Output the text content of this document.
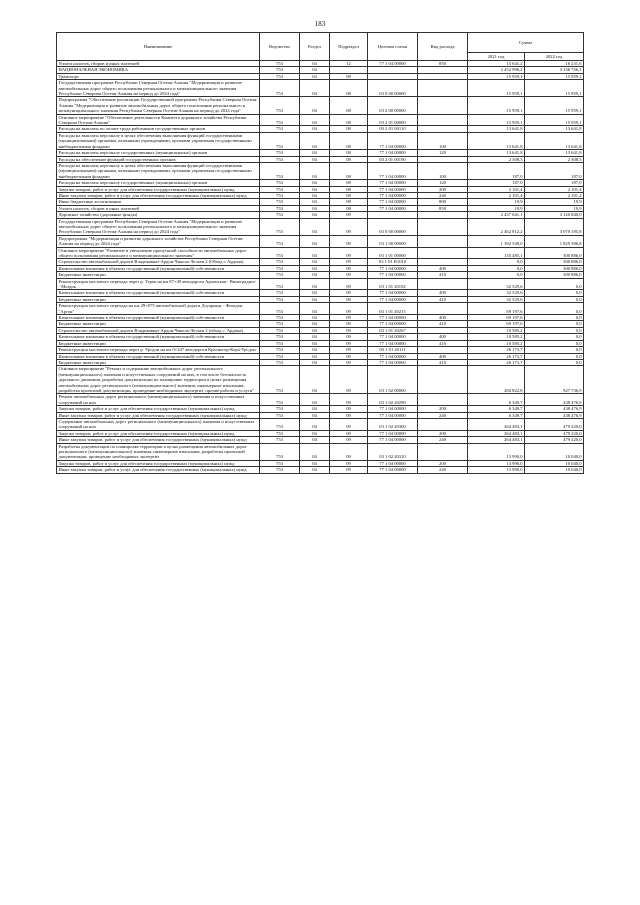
183
Наименование	Ведомство	Раздел	Подраздел	Целевая статья	Вид расхода	Сумма	
						2021 год	2022 год
Уплата налогов, сборов и иных платежей	753	04	12	77 1 04 00000	850	13 641,2	16 231,6
НАЦИОНАЛЬНАЯ ЭКОНОМИКА	753	04				2 452 996,2	3 136 756,1
Транспорт	753	04	08			15 959,1	15 959,1
Государственная программа Республики Северная Осетия-Алания "Модернизация и развитие автомобильных дорог общего пользования регионального и межмуниципального значения Республики Северная Осетия-Алания на период до 2024 года"	753	04	08	03 0 00 00000		15 959,1	15 959,1
Подпрограмма "Обеспечение реализации Государственной программы Республики Северная Осетия-Алания "Модернизация и развитие автомобильных дорог общего пользования регионального и межмуниципального значения Республики Северная Осетия-Алания на период до 2024 года"	753	04	08	03 2 00 00000		15 959,1	15 959,1
Основное мероприятие "Обеспечение деятельности Комитета дорожного хозяйства Республики Северная Осетия-Алания"	753	04	08	03 2 01 00000		15 959,1	15 959,1
Расходы на выплаты по оплате труда работников государственных органов	753	04	08	03 2 01 00110		13 641,8	13 641,8
Расходы на выплаты персоналу в целях обеспечения выполнения функций государственными (муниципальными) органами, казенными учреждениями, органами управления государственными внебюджетными фондами	753	04	08	77 1 04 00000	100	13 641,8	13 641,8
Расходы на выплаты персоналу государственных (муниципальных) органов	753	04	08	77 1 04 00000	120	13 641,8	13 641,8
Расходы на обеспечение функций государственных органов	753	04	08	03 2 01 00190		2 308,3	2 308,3
Расходы на выплаты персоналу в целях обеспечения выполнения функций государственными (муниципальными) органами, казенными учреждениями, органами управления государственными внебюджетными фондами	753	04	08	77 1 04 00000	100	187,0	187,0
Расходы на выплаты персоналу государственных (муниципальных) органов	753	04	08	77 1 04 00000	120	187,0	187,0
Закупка товаров, работ и услуг для обеспечения государственных (муниципальных) нужд	753	04	08	77 1 04 00000	200	2 101,4	2 101,4
Иные закупки товаров, работ и услуг для обеспечения государственных (муниципальных) нужд	753	04	08	77 1 04 00000	240	2 101,4	2 101,4
Иные бюджетные ассигнования	753	04	08	77 1 04 00000	800	19,9	19,9
Уплата налогов, сборов и иных платежей	753	04	08	77 1 04 00000	850	19,9	19,9
Дорожное хозяйство (дорожные фонды)	753	04	09			2 437 641,1	3 120 840,0
Государственная программа Республики Северная Осетия-Алания "Модернизация и развитие автомобильных дорог общего пользования регионального и межмуниципального значения Республики Северная Осетия-Алания на период до 2024 года"	753	04	09	03 0 00 00000		2 462 812,2	3 070 185,8
Подпрограмма "Модернизация и развитие дорожного хозяйства Республики Северная Осетия-Алания на период до 2024 года"	753	04	09	03 1 00 00000		1 392 549,0	1 829 586,8
Основное мероприятие "Развитие и увеличение пропускной способности автомобильных дорог общего пользования регионального и межмуниципального значения"	753	04	09	03 1 01 00000		135 485,1	300 886,0
Строительство автомобильной дороги Владикавказ-Ардон-Чикола-Лескен 2 (Обход г. Ардона)	753	04	09	03 1 01 R1010		0,0	300 886,0
Капитальные вложения в объекты государственной (муниципальной) собственности	753	04	09	77 1 04 00000	400	0,0	300 886,0
Бюджетные инвестиции	753	04	09	77 1 04 00000	410	0,0	300 886,0
Реконструкция мостового перехода через р. Терек на км 87+49 автодороги Архонская - Виноградное - Моздок	753	04	09	03 1 01 20192		32 529,6	0,0
Капитальные вложения в объекты государственной (муниципальной) собственности	753	04	09	77 1 04 00000	400	32 529,6	0,0
Бюджетные инвестиции	753	04	09	77 1 04 00000	410	32 529,6	0,0
Реконструкция мостового перехода на км 29+075 автомобильной дороги Дзуарикау - Фиагдон "Аргон"	753	04	09	03 1 01 20215		69 197,6	0,0
Капитальные вложения в объекты государственной (муниципальной) собственности	753	04	09	77 1 04 00000	400	69 197,6	0,0
Бюджетные инвестиции	753	04	09	77 1 04 00000	410	69 197,6	0,0
Строительство автомобильной дороги Владикавказ-Ардон-Чикола-Лескен 2 (обход с. Ардона)	753	04	09	03 1 01 20267		10 585,2	0,0
Капитальные вложения в объекты государственной (муниципальной) собственности	753	04	09	77 1 04 00000	400	10 585,2	0,0
Бюджетные инвестиции	753	04	09	77 1 04 00000	410	10 585,2	0,0
Реконструкция мостового перехода через р. Урсдон на км 0+247 автодороги Красногор-Кора-Урсдон	753	04	09	03 1 01 20111		26 173,7	0,0
Капитальные вложения в объекты государственной (муниципальной) собственности	753	04	09	77 1 04 00000	400	26 173,7	0,0
Бюджетные инвестиции	753	04	09	77 1 04 00000	410	26 173,7	0,0
Основное мероприятие "Ремонт и содержание автомобильных дорог регионального (межмуниципального) значения и искусственных сооружений на них, в том числе безопасность дорожного движения, разработка документации по планировке территории в целях размещения автомобильных дорог регионального (межмуниципального) значения, инженерные изыскания, разработка проектной документации, проведение необходимых экспертиз, прочие работы и услуги"	753	04	09	03 1 02 00000		284 822,8	927 736,9
Ремонт автомобильных дорог регионального (межмуниципального) значения и искусственных сооружений на них	753	04	09	03 1 02 20290		6 349,7	438 476,9
Закупка товаров, работ и услуг для обеспечения государственных (муниципальных) нужд	753	04	09	77 1 04 00000	200	6 349,7	438 476,9
Иные закупки товаров, работ и услуг для обеспечения государственных (муниципальных) нужд	753	04	09	77 1 04 00000	240	6 349,7	438 476,9
Содержание автомобильных дорог регионального (межмуниципального) значения и искусственных сооружений на них	753	04	09	03 1 02 20300		264 483,1	479 220,0
Закупка товаров, работ и услуг для обеспечения государственных (муниципальных) нужд	753	04	09	77 1 04 00000	200	264 483,1	479 220,0
Иные закупки товаров, работ и услуг для обеспечения государственных (муниципальных) нужд	753	04	09	77 1 04 00000	240	264 483,1	479 220,0
Разработка документации по планировке территории в целях размещения автомобильных дорог регионального (межмуниципального) значения, инженерные изыскания, разработка проектной документации, проведение необходимых экспертиз	753	04	09	03 1 02 20310		13 990,0	10 040,0
Закупка товаров, работ и услуг для обеспечения государственных (муниципальных) нужд	753	04	09	77 1 04 00000	200	13 990,0	10 040,0
Иные закупки товаров, работ и услуг для обеспечения государственных (муниципальных) нужд	753	04	09	77 1 04 00000	240	13 990,0	10 040,0
